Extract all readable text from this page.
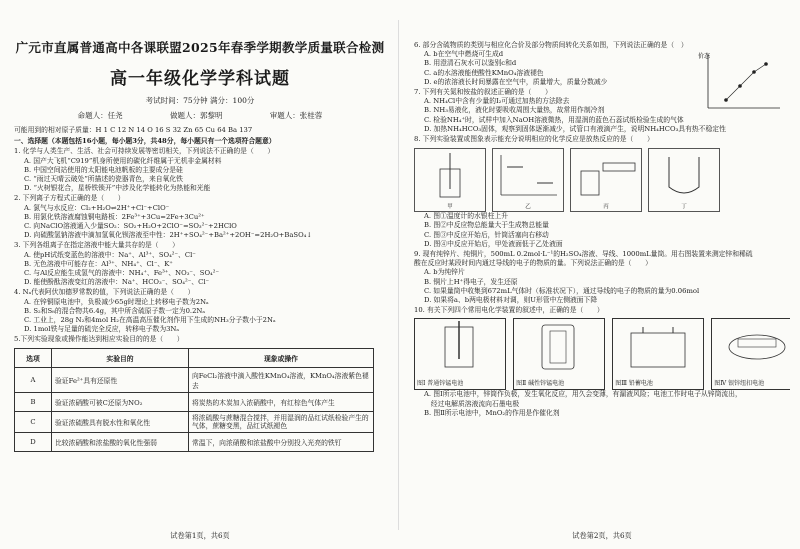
广元市直属普通高中各课联盟2025年春季学期教学质量联合检测
高一年级化学学科试题
考试时间：75分钟 满分：100分
命题人：任尧	做题人：郭黎明	审题人：张桂蓉
可能用到的相对原子质量：H 1 C 12 N 14 O 16 S 32 Zn 65 Cu 64 Ba 137
一、选择题（本题包括16小题，每小题3分，共48分，每小题只有一个选项符合题意）
1. 化学与人类生产、生活、社会可持续发展等密切相关，下列说法不正确的是（　　）
A. 国产大飞机“C919”机身所使用的碳化纤维属于无机非金属材料
B. 中国空间站使用的太阳能电池帆板的主要成分是硅
C. “雨过天晴云破处”所描述的瓷器青色，来自氧化铁
D. “火树银花合，星桥铁锁开”中涉及化学能转化为热能和光能
2. 下列离子方程式正确的是（　　）
A. 氯气与水反应：Cl₂+H₂O⇌2H⁺+Cl⁻+ClO⁻
B. 用氯化铁溶液腐蚀铜电路板：2Fe³⁺+3Cu=2Fe+3Cu²⁺
C. 向NaClO溶液通入少量SO₂：SO₂+H₂O+2ClO⁻=SO₃²⁻+2HClO
D. 向硫酸氢钠溶液中滴加氢氧化钡溶液至中性：2H⁺+SO₄²⁻+Ba²⁺+2OH⁻=2H₂O+BaSO₄↓
3. 下列各组离子在指定溶液中能大量共存的是（　　）
A. 使pH试纸变蓝色的溶液中：Na⁺、Al³⁺、SO₄²⁻、Cl⁻
B. 无色溶液中可能存在：Al³⁺、NH₄⁺、Cl⁻、K⁺
C. 与Al反应能生成氢气的溶液中：NH₄⁺、Fe³⁺、NO₃⁻、SO₄²⁻
D. 能使酚酞溶液变红的溶液中：Na⁺、HCO₃⁻、SO₄²⁻、Cl⁻
4. Nₐ代表阿伏加德罗常数的值，下列说法正确的是（　　）
A. 在锌铜原电池中，负极减少65g时理论上转移电子数为2Nₐ
B. S₂和S₈的混合物共6.4g，其中所含硫原子数一定为0.2Nₐ
C. 工业上，28g N₂和4mol H₂在高温高压催化剂作用下生成的NH₃分子数小于2Nₐ
D. 1mol铁与足量的硫完全反应，转移电子数为3Nₐ
5.下列实验现象或操作能达到相应实验目的的是（　　）
选项	实验目的	现象或操作
A	验证Fe²⁺具有还原性	向FeCl₂溶液中滴入酸性KMnO₄溶液，KMnO₄溶液紫色褪去
B	验证浓硝酸可被C还原为NO₂	将炭热的木炭加入浓硝酸中，有红棕色气体产生
C	验证浓硫酸具有脱水性和氧化性	将浓硫酸与蔗糖混合搅拌，并用湿润的品红试纸检验产生的气体，蔗糖变黑，品红试纸褪色
D	比较浓硝酸和浓盐酸的氧化性强弱	常温下，向浓硝酸和浓盐酸中分别投入光亮的铁钉
试卷第1页，共6页
6. 部分含硫物质的类别与相应化合价及部分物质间转化关系如图，下列说法正确的是（　）
A. b在空气中燃烧可生成d
B. 用澄清石灰水可以鉴别c和d
C. a的水溶液能使酸性KMnO₄溶液褪色
D. e的浓溶液长时间暴露在空气中，质量增大，质量分数减少
价态
7. 下列有关氮和铵盐的叙述正确的是（　　）
A. NH₄Cl中含有少量的I₂可通过加热的方法除去
B. NH₃易液化，液化时要吸收周围大量热，故常用作制冷剂
C. 检验NH₄⁺时，试样中加入NaOH溶液微热，用湿润的蓝色石蕊试纸检验生成的气体
D. 加热NH₄HCO₃固体，观察到固体逐渐减少，试管口有液滴产生，说明NH₄HCO₃具有热不稳定性
8. 下列实验装置或图象表示能充分说明相应的化学反应是放热反应的是（　　）
甲	乙	丙	丁
A. 图①温度计的水银柱上升
B. 图②中反应物总能量大于生成物总能量
C. 图③中反应开始后，针筒活塞向右移动
D. 图④中反应开始后，甲处液面低于乙处液面
9. 现有纯锌片、纯铜片，500mL 0.2mol·L⁻¹的H₂SO₄溶液、导线、1000mL量筒。用右图装置来测定锌和稀硫
酸在反应时某段时间内通过导线的电子的物质的量。下列说法正确的是（　　）
A. b为纯锌片
B. 铜片上H⁺得电子，发生还原
C. 如果量筒中收集到672mL气体时（标准状况下），通过导线的电子的物质的量为0.06mol
D. 如果将a、b两电极材料对调，则U形管中左侧液面下降
10. 有关下列四个常用电化学装置的叙述中，正确的是（　　）
图Ⅰ 普通锌锰电池
	图Ⅱ 碱性锌锰电池
	图Ⅲ 铅蓄电池
	图Ⅳ 银锌纽扣电池
A. 图Ⅰ所示电池中，锌筒作负极，发生氧化反应，用久会变薄，有漏液风险；电池工作时电子从锌筒流出，
　经过电解质溶液流向石墨电极
B. 图Ⅱ所示电池中，MnO₂的作用是作催化剂
试卷第2页，共6页
